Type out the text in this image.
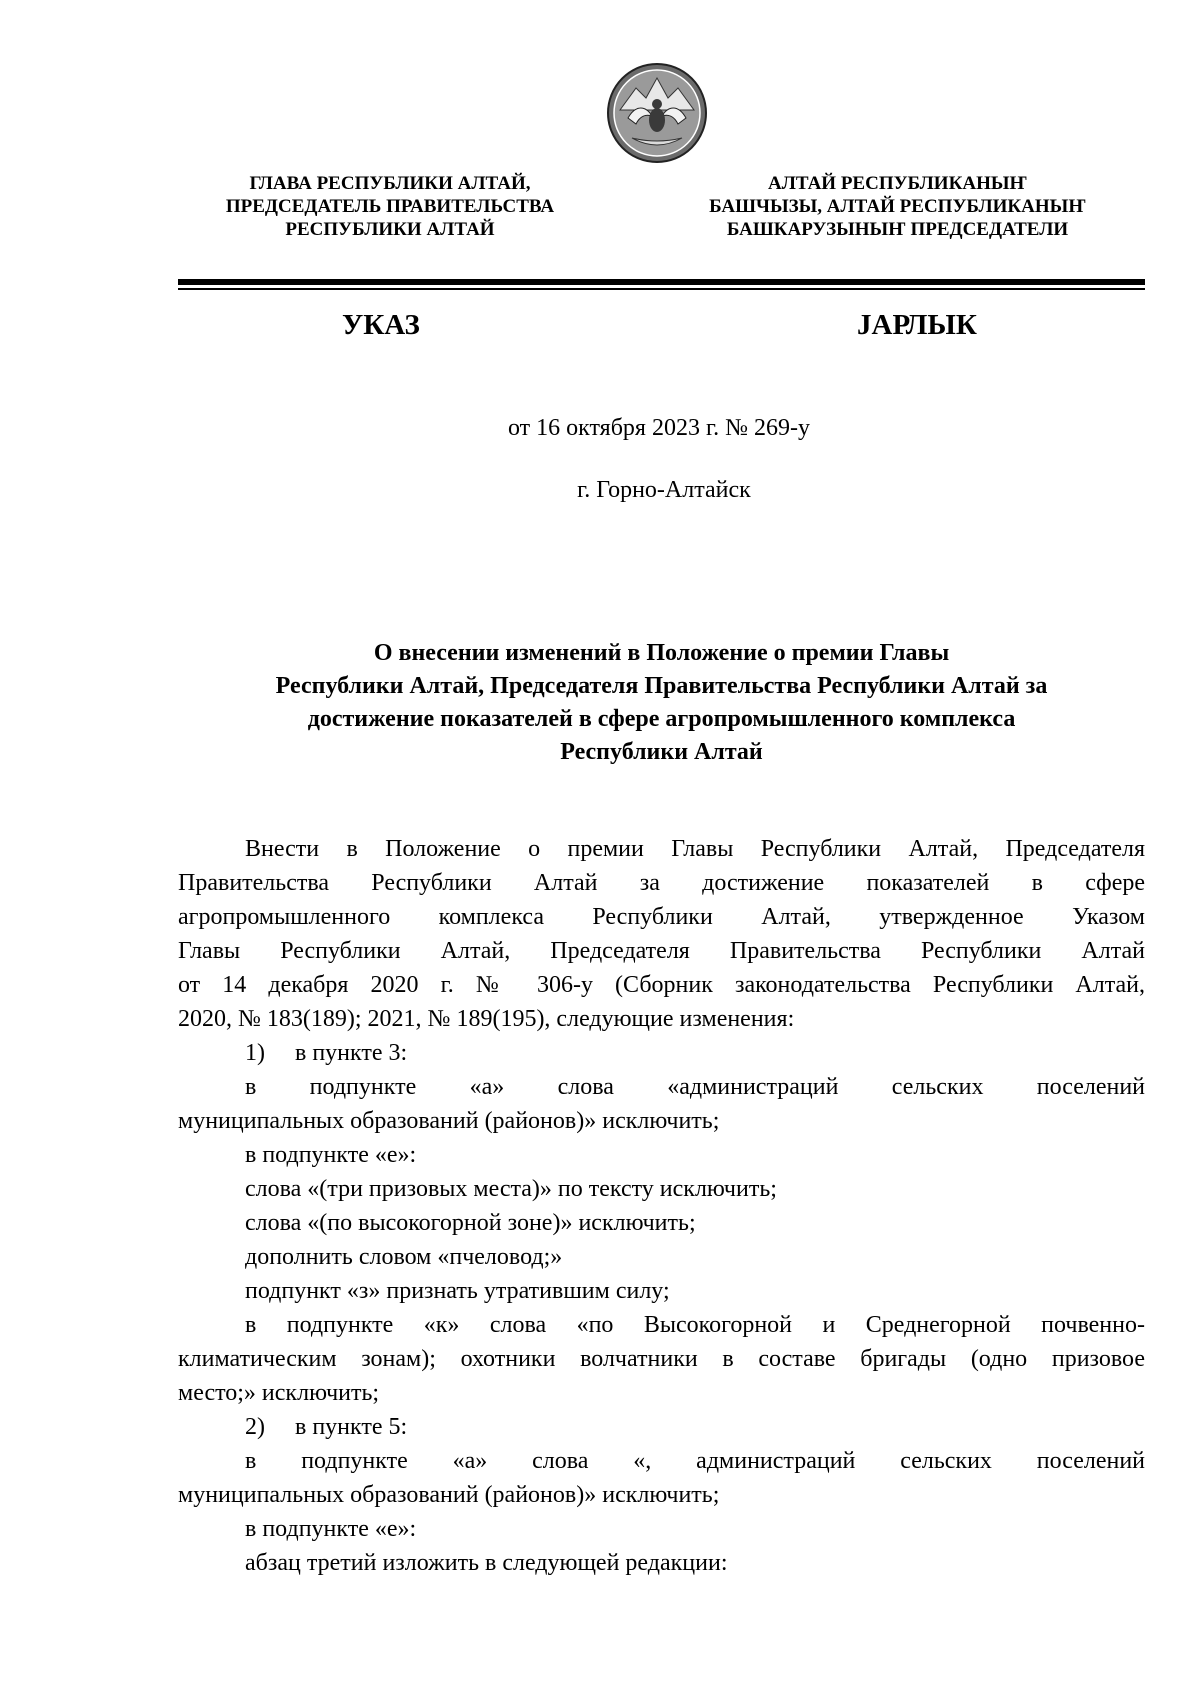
ГЛАВА РЕСПУБЛИКИ АЛТАЙ,
ПРЕДСЕДАТЕЛЬ ПРАВИТЕЛЬСТВА
РЕСПУБЛИКИ АЛТАЙ
АЛТАЙ РЕСПУБЛИКАНЫҤ
БАШЧЫЗЫ, АЛТАЙ РЕСПУБЛИКАНЫҤ
БАШКАРУЗЫНЫҤ ПРЕДСЕДАТЕЛИ
УКАЗ	JАРЛЫК
от 16 октября 2023 г. № 269-у
г. Горно-Алтайск
О внесении изменений в Положение о премии Главы
Республики Алтай, Председателя Правительства Республики Алтай за
достижение показателей в сфере агропромышленного комплекса
Республики Алтай
Внести в Положение о премии Главы Республики Алтай, Председателя
Правительства Республики Алтай за достижение показателей в сфере
агропромышленного комплекса Республики Алтай, утвержденное Указом
Главы Республики Алтай, Председателя Правительства Республики Алтай
от 14 декабря 2020 г. № 306-у (Сборник законодательства Республики Алтай,
2020, № 183(189); 2021, № 189(195), следующие изменения:
1) в пункте 3:
в подпункте «а» слова «администраций сельских поселений
муниципальных образований (районов)» исключить;
в подпункте «е»:
слова «(три призовых места)» по тексту исключить;
слова «(по высокогорной зоне)» исключить;
дополнить словом «пчеловод;»
подпункт «з» признать утратившим силу;
в подпункте «к» слова «по Высокогорной и Среднегорной почвенно-
климатическим зонам); охотники волчатники в составе бригады (одно призовое
место;» исключить;
2) в пункте 5:
в подпункте «а» слова «, администраций сельских поселений
муниципальных образований (районов)» исключить;
в подпункте «е»:
абзац третий изложить в следующей редакции:
